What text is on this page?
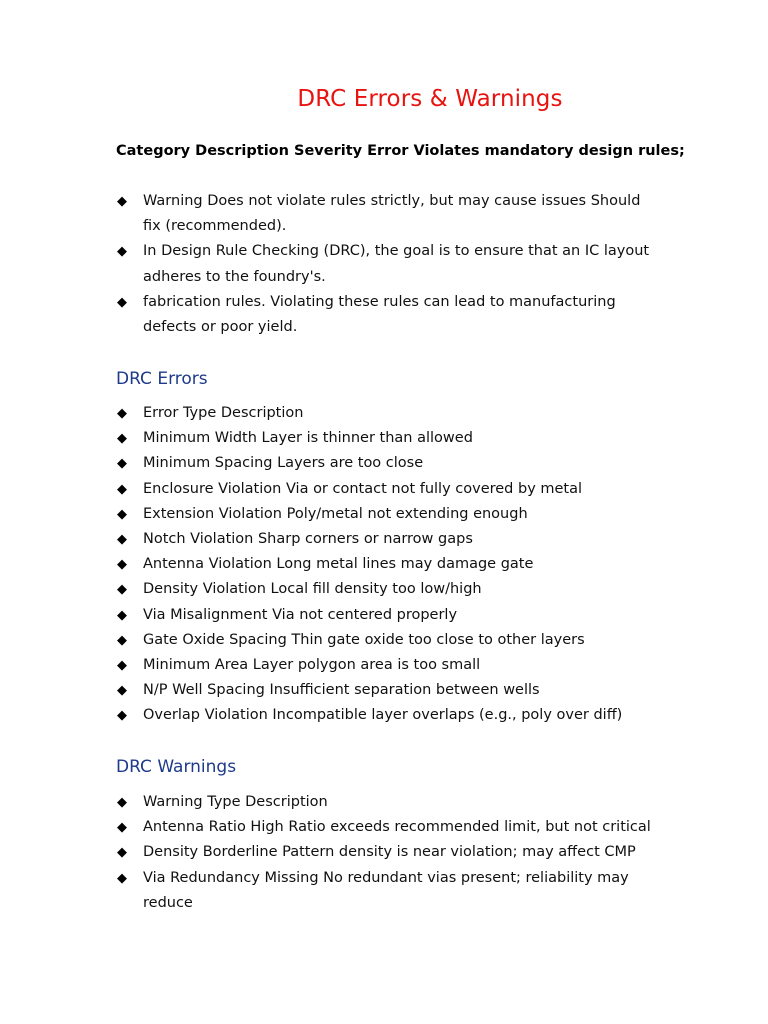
DRC Errors & Warnings
Category Description Severity Error Violates mandatory design rules;
◆ Warning Does not violate rules strictly, but may cause issues Should fix (recommended).
◆ In Design Rule Checking (DRC), the goal is to ensure that an IC layout adheres to the foundry's.
◆ fabrication rules. Violating these rules can lead to manufacturing defects or poor yield.
DRC Errors
◆ Error Type Description
◆ Minimum Width Layer is thinner than allowed
◆ Minimum Spacing Layers are too close
◆ Enclosure Violation Via or contact not fully covered by metal
◆ Extension Violation Poly/metal not extending enough
◆ Notch Violation Sharp corners or narrow gaps
◆ Antenna Violation Long metal lines may damage gate
◆ Density Violation Local fill density too low/high
◆ Via Misalignment Via not centered properly
◆ Gate Oxide Spacing Thin gate oxide too close to other layers
◆ Minimum Area Layer polygon area is too small
◆ N/P Well Spacing Insufficient separation between wells
◆ Overlap Violation Incompatible layer overlaps (e.g., poly over diff)
DRC Warnings
◆ Warning Type Description
◆ Antenna Ratio High Ratio exceeds recommended limit, but not critical
◆ Density Borderline Pattern density is near violation; may affect CMP
◆ Via Redundancy Missing No redundant vias present; reliability may reduce
